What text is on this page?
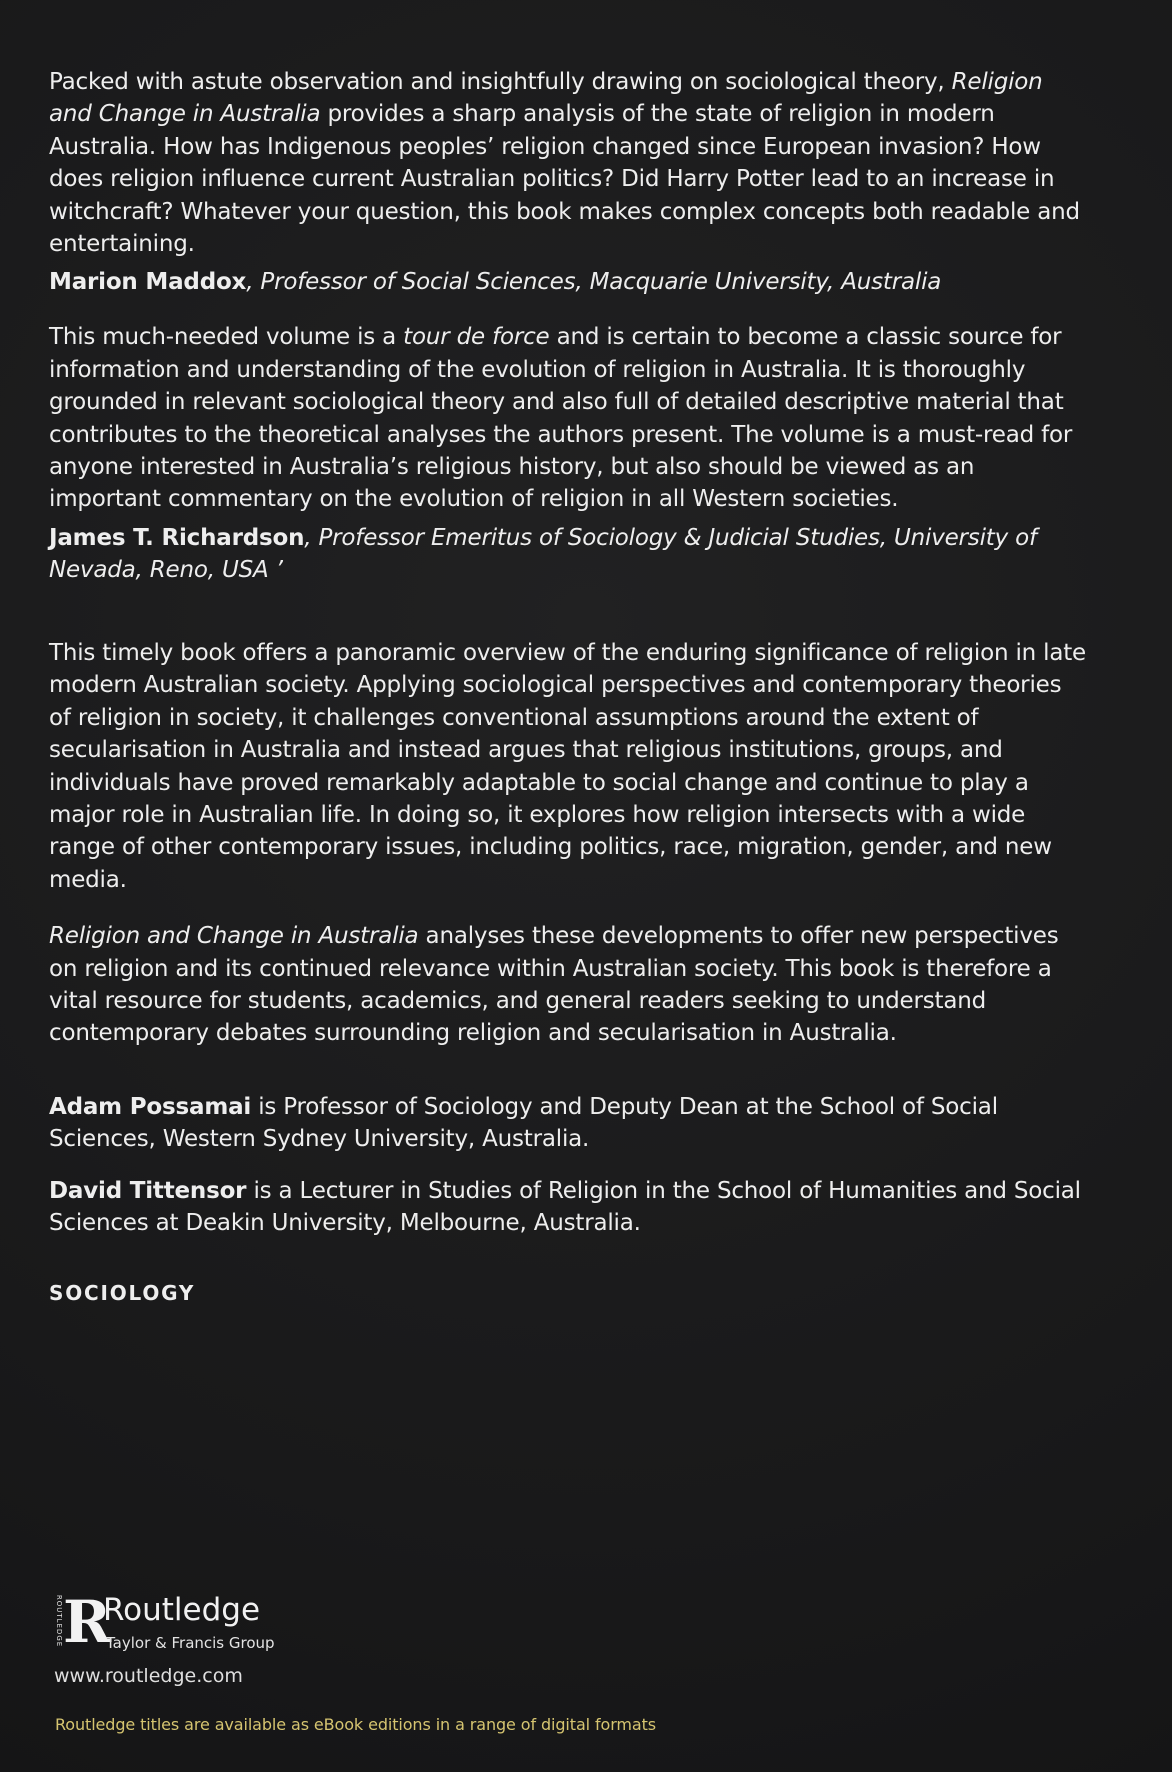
Packed with astute observation and insightfully drawing on sociological theory, Religion and Change in Australia provides a sharp analysis of the state of religion in modern Australia. How has Indigenous peoples’ religion changed since European invasion? How does religion influence current Australian politics? Did Harry Potter lead to an increase in witchcraft? Whatever your question, this book makes complex concepts both readable and entertaining.

Marion Maddox, Professor of Social Sciences, Macquarie University, Australia

This much-needed volume is a tour de force and is certain to become a classic source for information and understanding of the evolution of religion in Australia. It is thoroughly grounded in relevant sociological theory and also full of detailed descriptive material that contributes to the theoretical analyses the authors present. The volume is a must-read for anyone interested in Australia’s religious history, but also should be viewed as an important commentary on the evolution of religion in all Western societies.

James T. Richardson, Professor Emeritus of Sociology & Judicial Studies, University of Nevada, Reno, USA ’

This timely book offers a panoramic overview of the enduring significance of religion in late modern Australian society. Applying sociological perspectives and contemporary theories of religion in society, it challenges conventional assumptions around the extent of secularisation in Australia and instead argues that religious institutions, groups, and individuals have proved remarkably adaptable to social change and continue to play a major role in Australian life. In doing so, it explores how religion intersects with a wide range of other contemporary issues, including politics, race, migration, gender, and new media.

Religion and Change in Australia analyses these developments to offer new perspectives on religion and its continued relevance within Australian society. This book is therefore a vital resource for students, academics, and general readers seeking to understand contemporary debates surrounding religion and secularisation in Australia.

Adam Possamai is Professor of Sociology and Deputy Dean at the School of Social Sciences, Western Sydney University, Australia.

David Tittensor is a Lecturer in Studies of Religion in the School of Humanities and Social Sciences at Deakin University, Melbourne, Australia.

SOCIOLOGY

ROUTLEDGE R
Routledge
Taylor & Francis Group
www.routledge.com
Routledge titles are available as eBook editions in a range of digital formats
